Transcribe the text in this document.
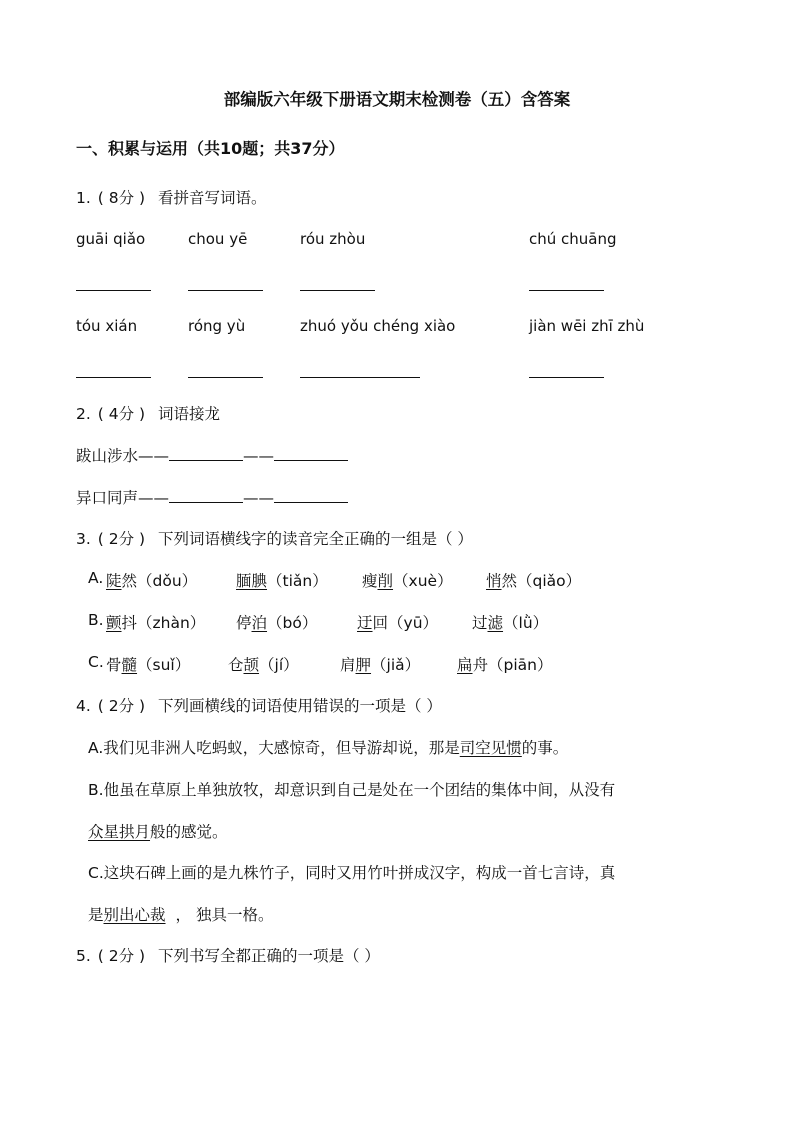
部编版六年级下册语文期末检测卷（五）含答案
一、积累与运用（共10题；共37分）
1. ( 8分 ) 看拼音写词语。
guāi qiǎo	chou yē	róu zhòu	chú chuāng
tóu xián	róng yù	zhuó yǒu chéng xiào	jiàn wēi zhī zhù
2. ( 4分 ) 词语接龙
跋山涉水——	——
异口同声——	——
3. ( 2分 ) 下列词语横线字的读音完全正确的一组是（ ）
A. 陡然（dǒu）	腼腆（tiǎn） 瘦削（xuè） 悄然（qiǎo）
B. 颤抖（zhàn） 停泊（bó）	迂回（yū） 过滤（lǜ）
C. 骨髓（suǐ） 仓颉（jí）	肩胛（jiǎ） 扁舟（piān）
4. ( 2分 ) 下列画横线的词语使用错误的一项是（ ）
A.我们见非洲人吃蚂蚁，大感惊奇，但导游却说，那是司空见惯的事。
B.他虽在草原上单独放牧，却意识到自己是处在一个团结的集体中间，从没有
众星拱月般的感觉。
C.这块石碑上画的是九株竹子，同时又用竹叶拼成汉字，构成一首七言诗，真
是别出心裁 ， 独具一格。
5. ( 2分 ) 下列书写全都正确的一项是（ ）
